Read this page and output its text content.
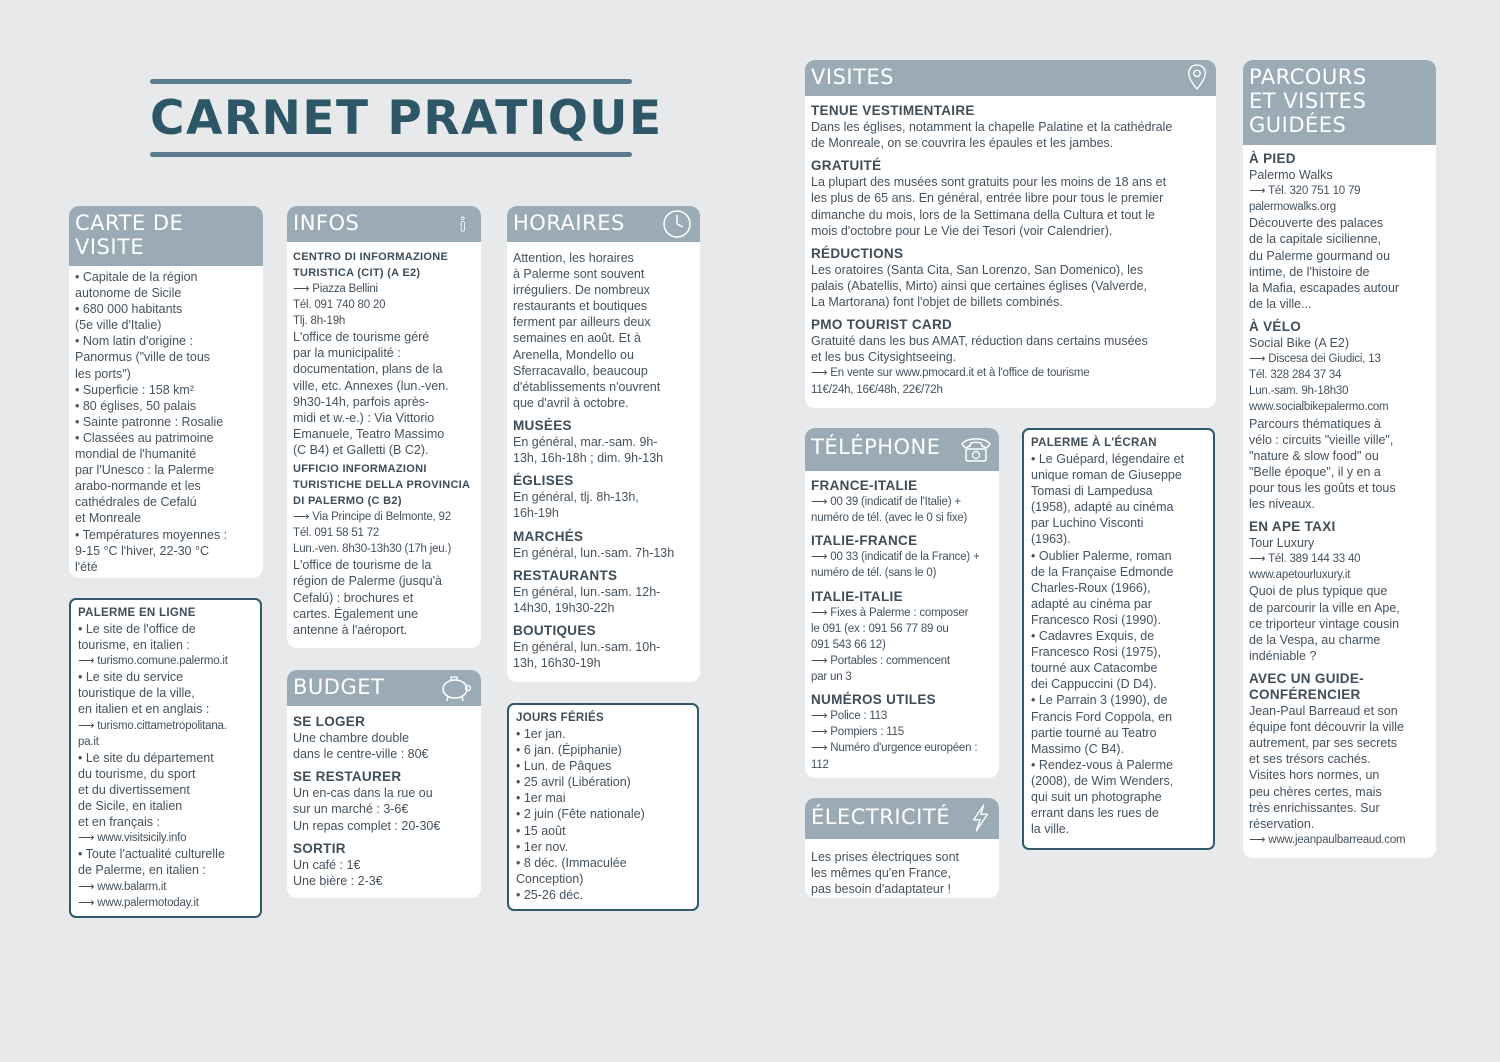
CARNET PRATIQUE
CARTE DE VISITE
• Capitale de la région
autonome de Sicile
• 680 000 habitants
(5e ville d'Italie)
• Nom latin d'origine :
Panormus ("ville de tous
les ports")
• Superficie : 158 km²
• 80 églises, 50 palais
• Sainte patronne : Rosalie
• Classées au patrimoine
mondial de l'humanité
par l'Unesco : la Palerme
arabo-normande et les
cathédrales de Cefalú
et Monreale
• Températures moyennes :
9-15 °C l'hiver, 22-30 °C
l'été
PALERME EN LIGNE
• Le site de l'office de
tourisme, en italien :
⟶ turismo.comune.palermo.it
• Le site du service
touristique de la ville,
en italien et en anglais :
⟶ turismo.cittametropolitana.
pa.it
• Le site du département
du tourisme, du sport
et du divertissement
de Sicile, en italien
et en français :
⟶ www.visitsicily.info
• Toute l'actualité culturelle
de Palerme, en italien :
⟶ www.balarm.it
⟶ www.palermotoday.it
INFOS
CENTRO DI INFORMAZIONE
TURISTICA (CIT) (A E2)
⟶ Piazza Bellini
Tél. 091 740 80 20
Tlj. 8h-19h
L'office de tourisme géré
par la municipalité :
documentation, plans de la
ville, etc. Annexes (lun.-ven.
9h30-14h, parfois après-
midi et w.-e.) : Via Vittorio
Emanuele, Teatro Massimo
(C B4) et Galletti (B C2).
UFFICIO INFORMAZIONI
TURISTICHE DELLA PROVINCIA
DI PALERMO (C B2)
⟶ Via Principe di Belmonte, 92
Tél. 091 58 51 72
Lun.-ven. 8h30-13h30 (17h jeu.)
L'office de tourisme de la
région de Palerme (jusqu'à
Cefalú) : brochures et
cartes. Également une
antenne à l'aéroport.
BUDGET
SE LOGER
Une chambre double
dans le centre-ville : 80€
SE RESTAURER
Un en-cas dans la rue ou
sur un marché : 3-6€
Un repas complet : 20-30€
SORTIR
Un café : 1€
Une bière : 2-3€
HORAIRES
Attention, les horaires
à Palerme sont souvent
irréguliers. De nombreux
restaurants et boutiques
ferment par ailleurs deux
semaines en août. Et à
Arenella, Mondello ou
Sferracavallo, beaucoup
d'établissements n'ouvrent
que d'avril à octobre.
MUSÉES
En général, mar.-sam. 9h-
13h, 16h-18h ; dim. 9h-13h
ÉGLISES
En général, tlj. 8h-13h,
16h-19h
MARCHÉS
En général, lun.-sam. 7h-13h
RESTAURANTS
En général, lun.-sam. 12h-
14h30, 19h30-22h
BOUTIQUES
En général, lun.-sam. 10h-
13h, 16h30-19h
JOURS FÉRIÉS
• 1er jan.
• 6 jan. (Épiphanie)
• Lun. de Pâques
• 25 avril (Libération)
• 1er mai
• 2 juin (Fête nationale)
• 15 août
• 1er nov.
• 8 déc. (Immaculée
Conception)
• 25-26 déc.
VISITES
TENUE VESTIMENTAIRE
Dans les églises, notamment la chapelle Palatine et la cathédrale
de Monreale, on se couvrira les épaules et les jambes.
GRATUITÉ
La plupart des musées sont gratuits pour les moins de 18 ans et
les plus de 65 ans. En général, entrée libre pour tous le premier
dimanche du mois, lors de la Settimana della Cultura et tout le
mois d'octobre pour Le Vie dei Tesori (voir Calendrier).
RÉDUCTIONS
Les oratoires (Santa Cita, San Lorenzo, San Domenico), les
palais (Abatellis, Mirto) ainsi que certaines églises (Valverde,
La Martorana) font l'objet de billets combinés.
PMO TOURIST CARD
Gratuité dans les bus AMAT, réduction dans certains musées
et les bus Citysightseeing.
⟶ En vente sur www.pmocard.it et à l'office de tourisme
11€/24h, 16€/48h, 22€/72h
TÉLÉPHONE
FRANCE-ITALIE
⟶ 00 39 (indicatif de l'Italie) +
numéro de tél. (avec le 0 si fixe)
ITALIE-FRANCE
⟶ 00 33 (indicatif de la France) +
numéro de tél. (sans le 0)
ITALIE-ITALIE
⟶ Fixes à Palerme : composer
le 091 (ex : 091 56 77 89 ou
091 543 66 12)
⟶ Portables : commencent
par un 3
NUMÉROS UTILES
⟶ Police : 113
⟶ Pompiers : 115
⟶ Numéro d'urgence européen :
112
ÉLECTRICITÉ
Les prises électriques sont
les mêmes qu'en France,
pas besoin d'adaptateur !
PALERME À L'ÉCRAN
• Le Guépard, légendaire et
unique roman de Giuseppe
Tomasi di Lampedusa
(1958), adapté au cinéma
par Luchino Visconti
(1963).
• Oublier Palerme, roman
de la Française Edmonde
Charles-Roux (1966),
adapté au cinéma par
Francesco Rosi (1990).
• Cadavres Exquis, de
Francesco Rosi (1975),
tourné aux Catacombe
dei Cappuccini (D D4).
• Le Parrain 3 (1990), de
Francis Ford Coppola, en
partie tourné au Teatro
Massimo (C B4).
• Rendez-vous à Palerme
(2008), de Wim Wenders,
qui suit un photographe
errant dans les rues de
la ville.
PARCOURS ET VISITES GUIDÉES
À PIED
Palermo Walks
⟶ Tél. 320 751 10 79
palermowalks.org
Découverte des palaces
de la capitale sicilienne,
du Palerme gourmand ou
intime, de l'histoire de
la Mafia, escapades autour
de la ville...
À VÉLO
Social Bike (A E2)
⟶ Discesa dei Giudici, 13
Tél. 328 284 37 34
Lun.-sam. 9h-18h30
www.socialbikepalermo.com
Parcours thématiques à
vélo : circuits "vieille ville",
"nature & slow food" ou
"Belle époque", il y en a
pour tous les goûts et tous
les niveaux.
EN APE TAXI
Tour Luxury
⟶ Tél. 389 144 33 40
www.apetourluxury.it
Quoi de plus typique que
de parcourir la ville en Ape,
ce triporteur vintage cousin
de la Vespa, au charme
indéniable ?
AVEC UN GUIDE-
CONFÉRENCIER
Jean-Paul Barreaud et son
équipe font découvrir la ville
autrement, par ses secrets
et ses trésors cachés.
Visites hors normes, un
peu chères certes, mais
très enrichissantes. Sur
réservation.
⟶ www.jeanpaulbarreaud.com
